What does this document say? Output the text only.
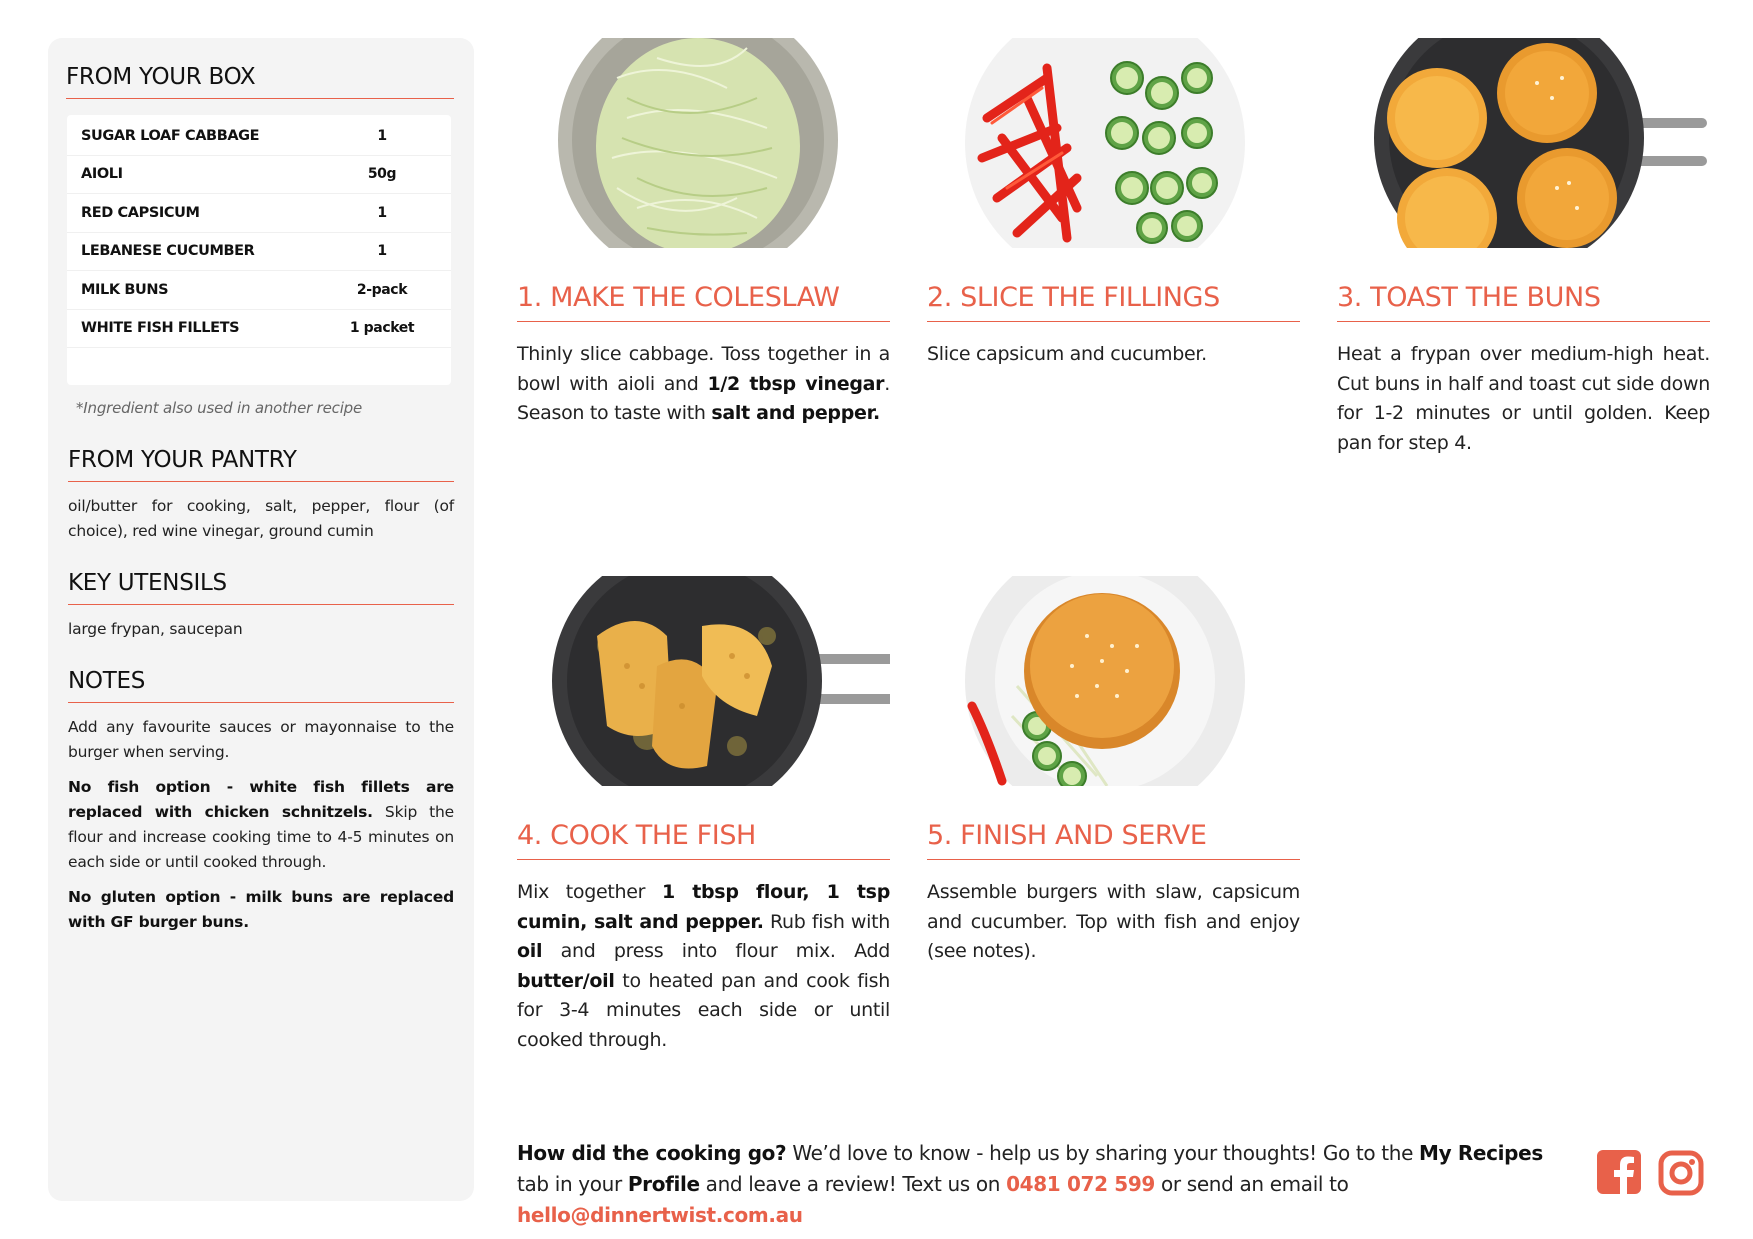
FROM YOUR BOX
SUGAR LOAF CABBAGE	1
AIOLI	50g
RED CAPSICUM	1
LEBANESE CUCUMBER	1
MILK BUNS	2-pack
WHITE FISH FILLETS	1 packet
*Ingredient also used in another recipe
FROM YOUR PANTRY

oil/butter for cooking, salt, pepper, flour (of choice), red wine vinegar, ground cumin

KEY UTENSILS

large frypan, saucepan

NOTES

Add any favourite sauces or mayonnaise to the burger when serving.

No fish option - white fish fillets are replaced with chicken schnitzels. Skip the flour and increase cooking time to 4-5 minutes on each side or until cooked through.

No gluten option - milk buns are replaced with GF burger buns.

1. MAKE THE COLESLAW

Thinly slice cabbage. Toss together in a bowl with aioli and 1/2 tbsp vinegar. Season to taste with salt and pepper.

2. SLICE THE FILLINGS

Slice capsicum and cucumber.

3. TOAST THE BUNS

Heat a frypan over medium-high heat. Cut buns in half and toast cut side down for 1-2 minutes or until golden. Keep pan for step 4.

4. COOK THE FISH

Mix together 1 tbsp flour, 1 tsp cumin, salt and pepper. Rub fish with oil and press into flour mix. Add butter/oil to heated pan and cook fish for 3-4 minutes each side or until cooked through.

5. FINISH AND SERVE

Assemble burgers with slaw, capsicum and cucumber. Top with fish and enjoy (see notes).

How did the cooking go? We’d love to know - help us by sharing your thoughts! Go to the My Recipes tab in your Profile and leave a review! Text us on 0481 072 599 or send an email to hello@dinnertwist.com.au
